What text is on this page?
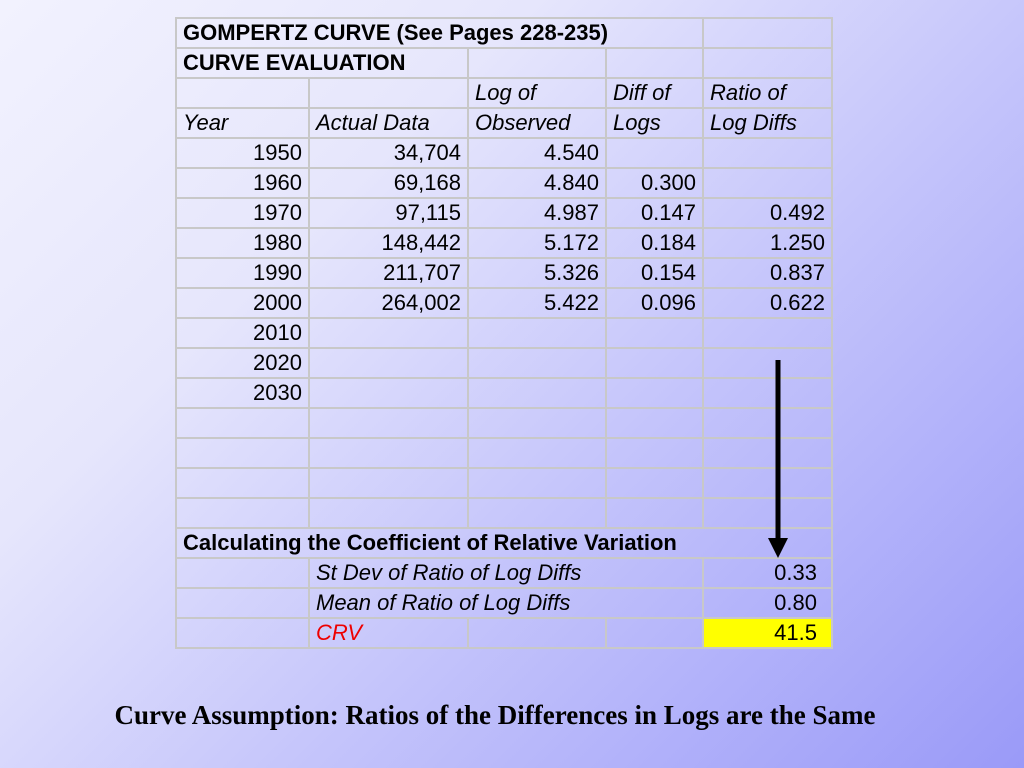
GOMPERTZ CURVE (See Pages 228-235)				
CURVE EVALUATION				
		Log of	Diff of	Ratio of
Year	Actual Data	Observed	Logs	Log Diffs
1950	34,704	4.540		
1960	69,168	4.840	0.300	
1970	97,115	4.987	0.147	0.492
1980	148,442	5.172	0.184	1.250
1990	211,707	5.326	0.154	0.837
2000	264,002	5.422	0.096	0.622
2010				
2020				
2030				

Calculating the Coefficient of Relative Variation				
	St Dev of Ratio of Log Diffs			0.33
	Mean of Ratio of Log Diffs			0.80
	CRV			41.5
Curve Assumption: Ratios of the Differences in Logs are the Same
